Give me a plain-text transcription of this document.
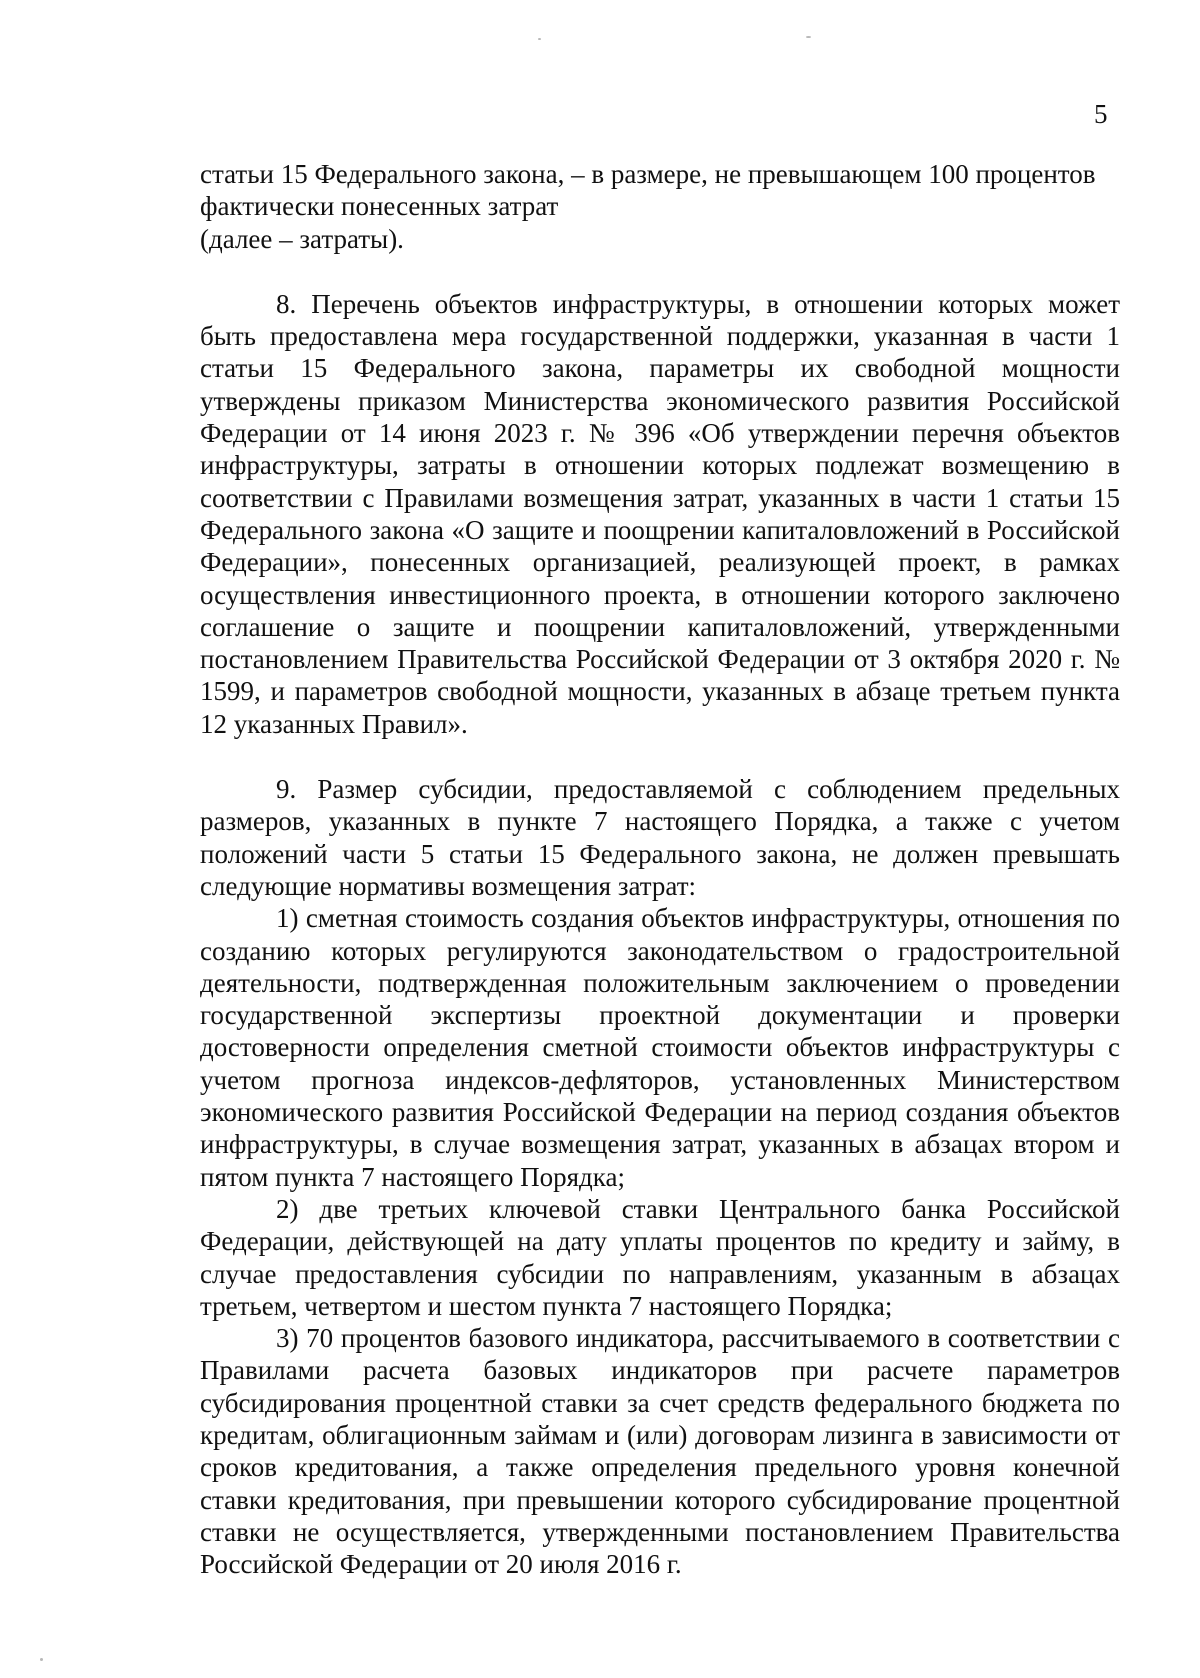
5

статьи 15 Федерального закона, – в размере, не превышающем 100 процентов

фактически понесенных затрат

(далее – затраты).

8. Перечень объектов инфраструктуры, в отношении которых может быть предоставлена мера государственной поддержки, указанная в части 1 статьи 15 Федерального закона, параметры их свободной мощности утверждены приказом Министерства экономического развития Российской Федерации от 14 июня 2023 г. № 396 «Об утверждении перечня объектов инфраструктуры, затраты в отношении которых подлежат возмещению в соответствии с Правилами возмещения затрат, указанных в части 1 статьи 15 Федерального закона «О защите и поощрении капиталовложений в Российской Федерации», понесенных организацией, реализующей проект, в рамках осуществления инвестиционного проекта, в отношении которого заключено соглашение о защите и поощрении капиталовложений, утвержденными постановлением Правительства Российской Федерации от 3 октября 2020 г. № 1599, и параметров свободной мощности, указанных в абзаце третьем пункта 12 указанных Правил».

9. Размер субсидии, предоставляемой с соблюдением предельных размеров, указанных в пункте 7 настоящего Порядка, а также с учетом положений части 5 статьи 15 Федерального закона, не должен превышать следующие нормативы возмещения затрат:

1) сметная стоимость создания объектов инфраструктуры, отношения по созданию которых регулируются законодательством о градостроительной деятельности, подтвержденная положительным заключением о проведении государственной экспертизы проектной документации и проверки достоверности определения сметной стоимости объектов инфраструктуры с учетом прогноза индексов-дефляторов, установленных Министерством экономического развития Российской Федерации на период создания объектов инфраструктуры, в случае возмещения затрат, указанных в абзацах втором и пятом пункта 7 настоящего Порядка;

2) две третьих ключевой ставки Центрального банка Российской Федерации, действующей на дату уплаты процентов по кредиту и займу, в случае предоставления субсидии по направлениям, указанным в абзацах третьем, четвертом и шестом пункта 7 настоящего Порядка;

3) 70 процентов базового индикатора, рассчитываемого в соответствии с Правилами расчета базовых индикаторов при расчете параметров субсидирования процентной ставки за счет средств федерального бюджета по кредитам, облигационным займам и (или) договорам лизинга в зависимости от сроков кредитования, а также определения предельного уровня конечной ставки кредитования, при превышении которого субсидирование процентной ставки не осуществляется, утвержденными постановлением Правительства Российской Федерации от 20 июля 2016 г.
